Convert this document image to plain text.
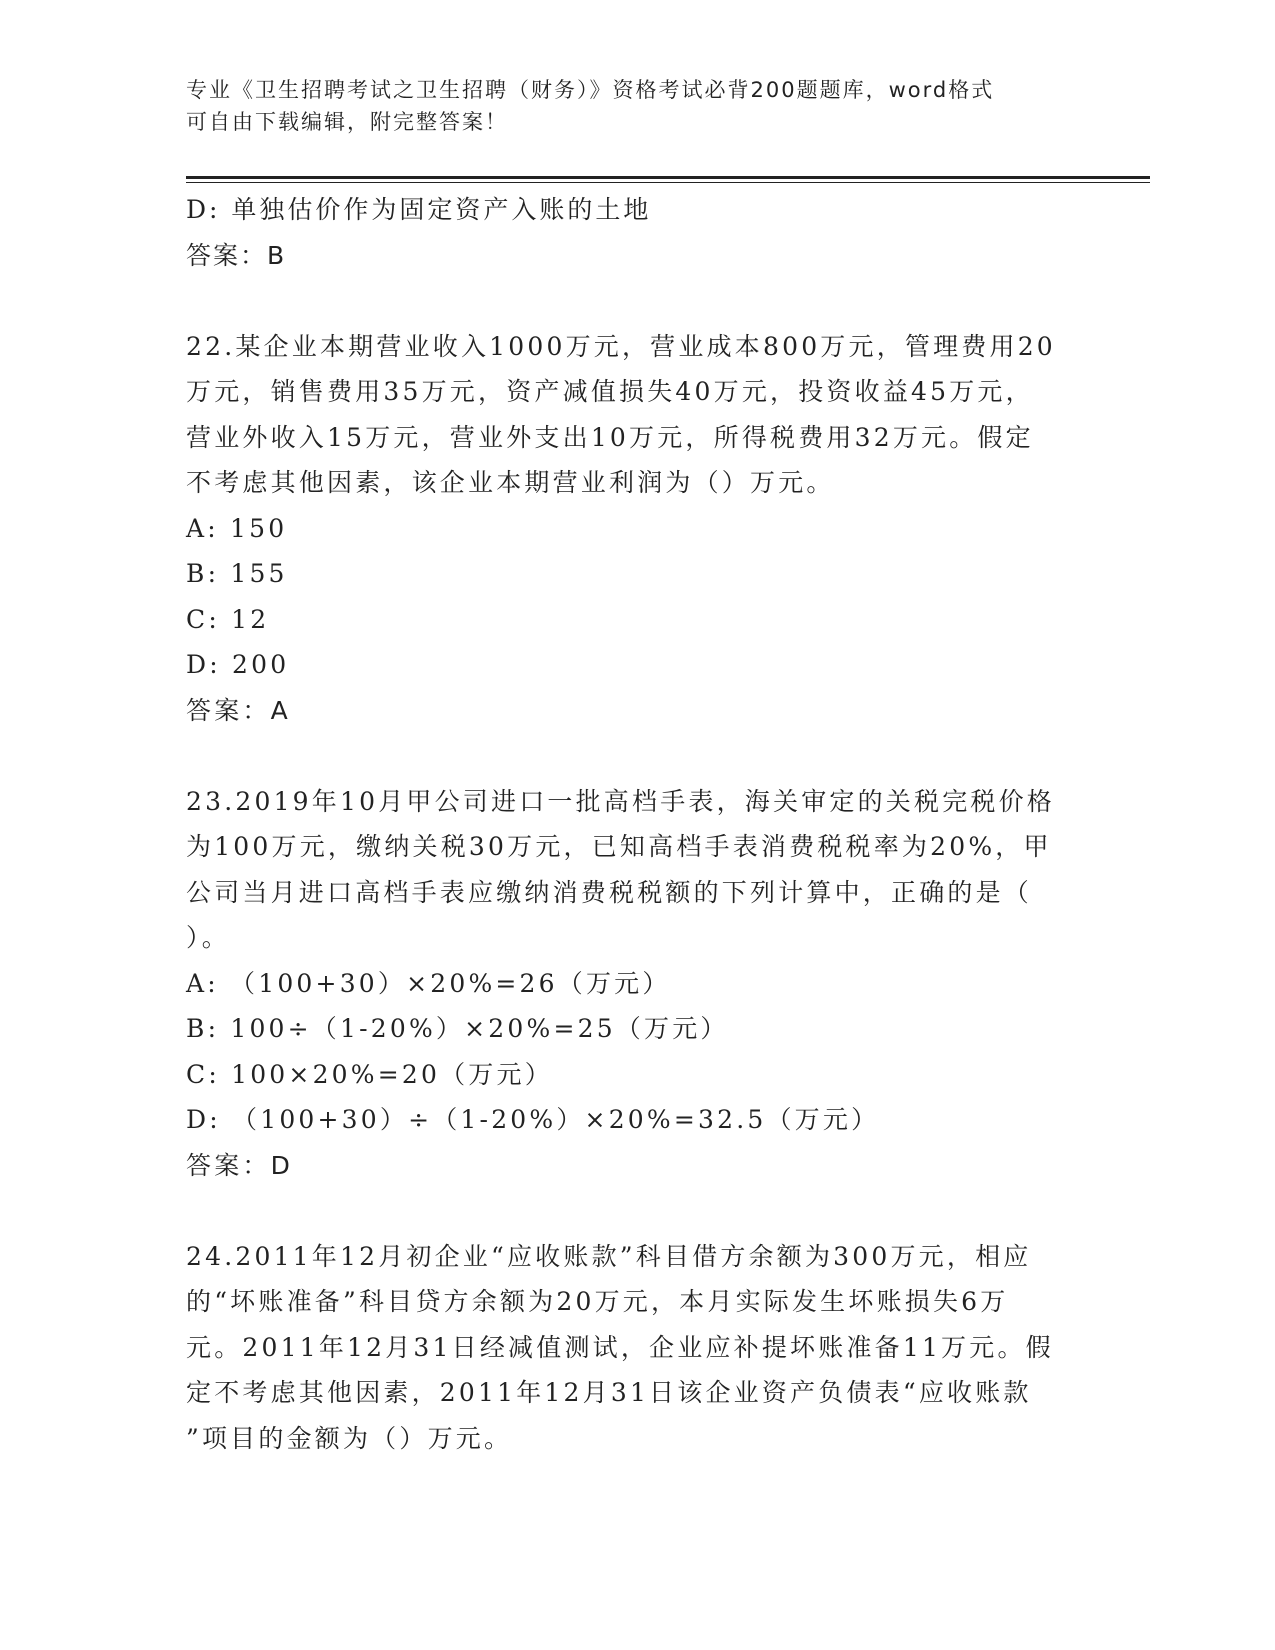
专业《卫生招聘考试之卫生招聘（财务）》资格考试必背200题题库，word格式
可自由下载编辑，附完整答案！
D: 单独估价作为固定资产入账的土地
答案：B
22.某企业本期营业收入1000万元，营业成本800万元，管理费用20
万元，销售费用35万元，资产减值损失40万元，投资收益45万元，
营业外收入15万元，营业外支出10万元，所得税费用32万元。假定
不考虑其他因素，该企业本期营业利润为（）万元。
A: 150
B: 155
C: 12
D: 200
答案：A
23.2019年10月甲公司进口一批高档手表，海关审定的关税完税价格
为100万元，缴纳关税30万元，已知高档手表消费税税率为20%，甲
公司当月进口高档手表应缴纳消费税税额的下列计算中，正确的是（
）。
A: （100+30）×20%=26（万元）
B: 100÷（1-20%）×20%=25（万元）
C: 100×20%=20（万元）
D: （100+30）÷（1-20%）×20%=32.5（万元）
答案：D
24.2011年12月初企业“应收账款”科目借方余额为300万元，相应
的“坏账准备”科目贷方余额为20万元，本月实际发生坏账损失6万
元。2011年12月31日经减值测试，企业应补提坏账准备11万元。假
定不考虑其他因素，2011年12月31日该企业资产负债表“应收账款
”项目的金额为（）万元。
